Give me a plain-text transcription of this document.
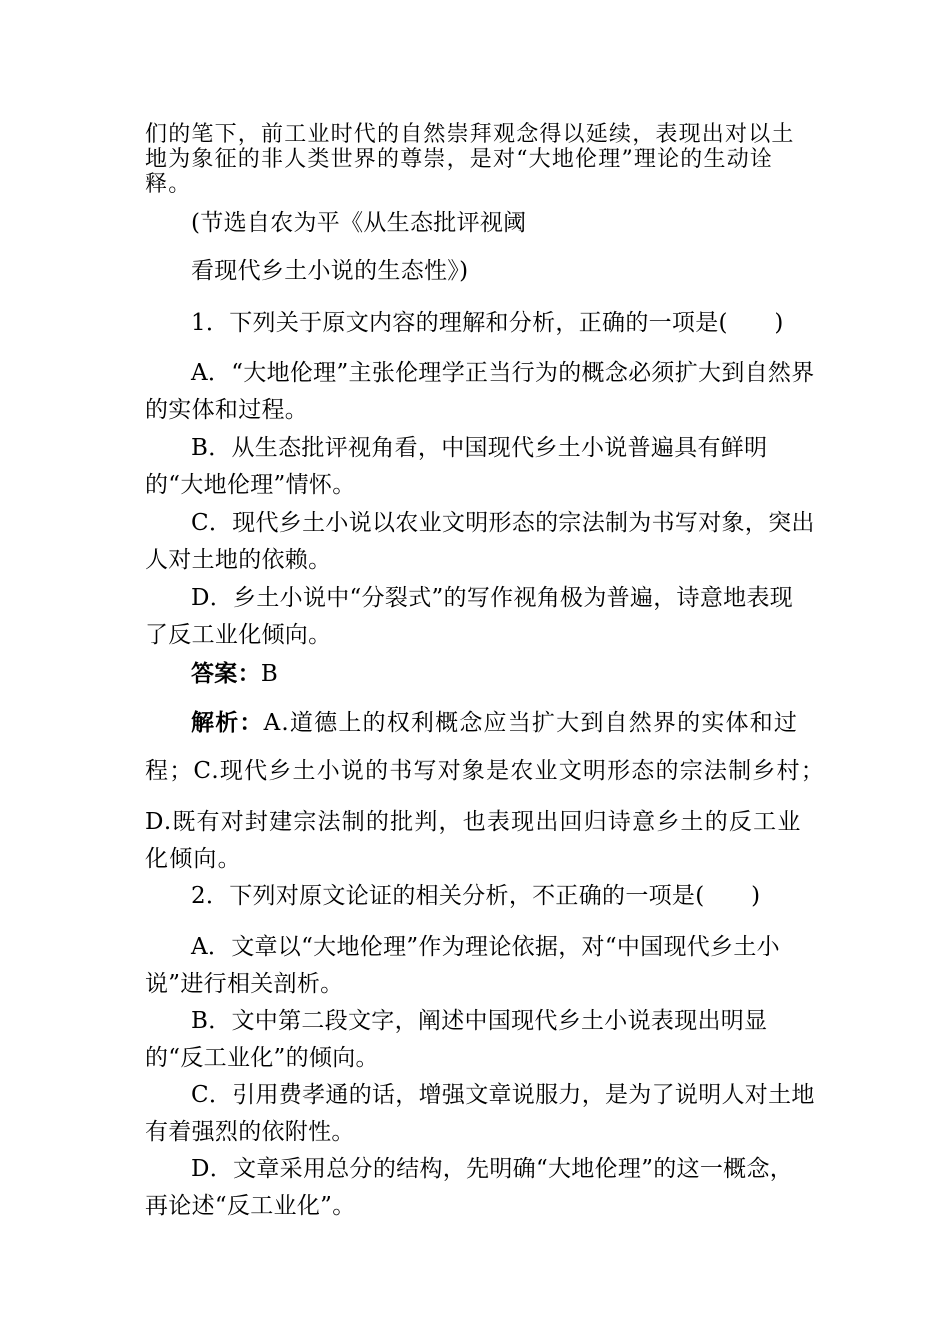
们的笔下，前工业时代的自然崇拜观念得以延续，表现出对以土地为象征的非人类世界的尊崇，是对“大地伦理”理论的生动诠释。
(节选自农为平《从生态批评视阈
看现代乡土小说的生态性》)
1．下列关于原文内容的理解和分析，正确的一项是(　　)
A．“大地伦理”主张伦理学正当行为的概念必须扩大到自然界的实体和过程。
B．从生态批评视角看，中国现代乡土小说普遍具有鲜明的“大地伦理”情怀。
C．现代乡土小说以农业文明形态的宗法制为书写对象，突出人对土地的依赖。
D．乡土小说中“分裂式”的写作视角极为普遍，诗意地表现了反工业化倾向。
答案：B
解析：A.道德上的权利概念应当扩大到自然界的实体和过
程；C.现代乡土小说的书写对象是农业文明形态的宗法制乡村；
D.既有对封建宗法制的批判，也表现出回归诗意乡土的反工业化倾向。
2．下列对原文论证的相关分析，不正确的一项是(　　)
A．文章以“大地伦理”作为理论依据，对“中国现代乡土小说”进行相关剖析。
B．文中第二段文字，阐述中国现代乡土小说表现出明显的“反工业化”的倾向。
C．引用费孝通的话，增强文章说服力，是为了说明人对土地有着强烈的依附性。
D．文章采用总分的结构，先明确“大地伦理”的这一概念，再论述“反工业化”。
